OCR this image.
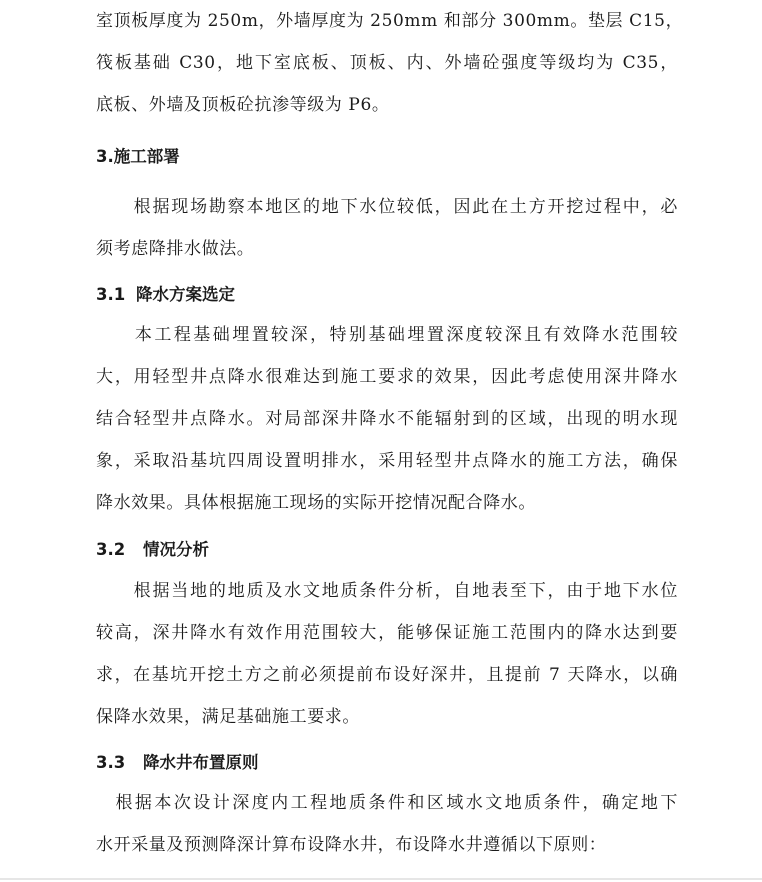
室顶板厚度为 250m，外墙厚度为 250mm 和部分 300mm。垫层 C15，
筏板基础 C30，地下室底板、顶板、内、外墙砼强度等级均为 C35，
底板、外墙及顶板砼抗渗等级为 P6。

3.施工部署

　　根据现场勘察本地区的地下水位较低，因此在土方开挖过程中，必
须考虑降排水做法。

3.1 降水方案选定

　　本工程基础埋置较深，特别基础埋置深度较深且有效降水范围较
大，用轻型井点降水很难达到施工要求的效果，因此考虑使用深井降水
结合轻型井点降水。对局部深井降水不能辐射到的区域，出现的明水现
象，采取沿基坑四周设置明排水，采用轻型井点降水的施工方法，确保
降水效果。具体根据施工现场的实际开挖情况配合降水。

3.2 情况分析

　　根据当地的地质及水文地质条件分析，自地表至下，由于地下水位
较高，深井降水有效作用范围较大，能够保证施工范围内的降水达到要
求，在基坑开挖土方之前必须提前布设好深井，且提前 7 天降水，以确
保降水效果，满足基础施工要求。

3.3 降水井布置原则

　根据本次设计深度内工程地质条件和区域水文地质条件，确定地下
水开采量及预测降深计算布设降水井，布设降水井遵循以下原则：
